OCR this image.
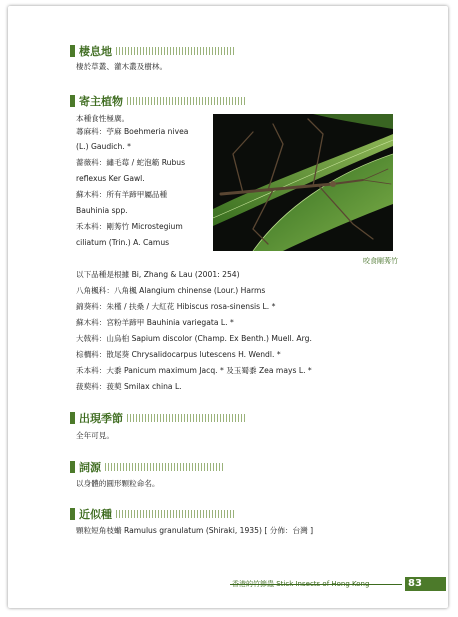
棲息地
棲於草叢、灌木叢及樹林。
寄主植物
本種食性極廣。
蕁麻科：苧麻 Boehmeria nivea
(L.) Gaudich. *
薔薇科：繡毛莓 / 蛇泡簕 Rubus
reflexus Ker Gawl.
蘇木科：所有羊蹄甲屬品種
Bauhinia spp.
禾本科：剛莠竹 Microstegium
ciliatum (Trin.) A. Camus
咬食剛莠竹
以下品種是根據 Bi, Zhang & Lau (2001: 254)
八角楓科：八角楓 Alangium chinense (Lour.) Harms
錦葵科：朱槿 / 扶桑 / 大紅花 Hibiscus rosa-sinensis L. *
蘇木科：宮粉羊蹄甲 Bauhinia variegata L. *
大戟科：山烏桕 Sapium discolor (Champ. Ex Benth.) Muell. Arg.
棕櫚科：散尾葵 Chrysalidocarpus lutescens H. Wendl. *
禾本科：大黍 Panicum maximum Jacq. * 及玉蜀黍 Zea mays L. *
菝葜科：菝葜 Smilax china L.
出現季節
全年可見。
詞源
以身體的圓形顆粒命名。
近似種
顆粒短角枝䗛 Ramulus granulatum (Shiraki, 1935) [ 分佈：台灣 ]
香港的竹節蟲 Stick Insects of Hong Kong	83
